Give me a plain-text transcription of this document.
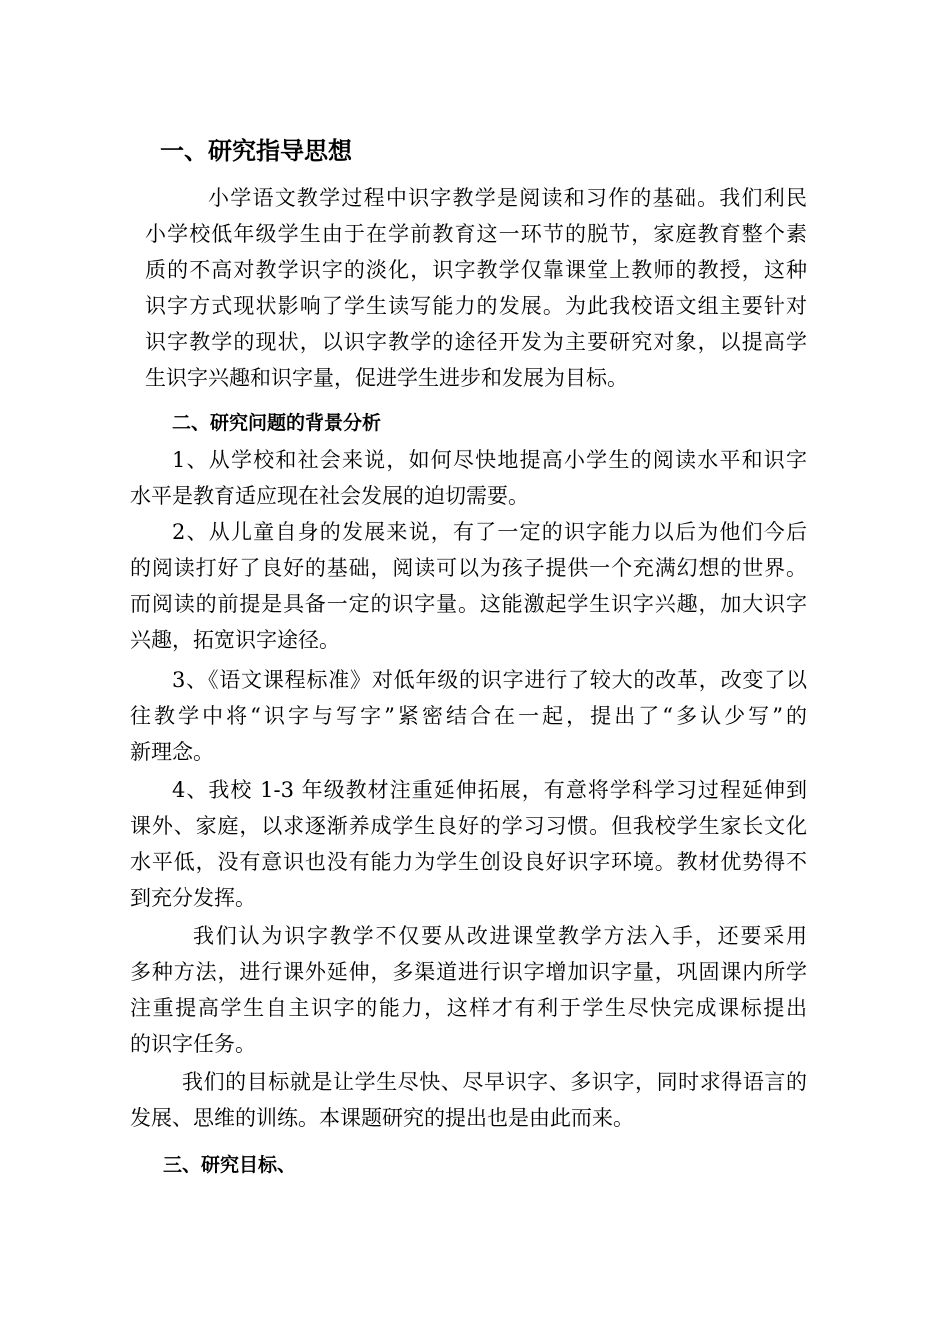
一、研究指导思想
小学语文教学过程中识字教学是阅读和习作的基础。我们利民
小学校低年级学生由于在学前教育这一环节的脱节，家庭教育整个素
质的不高对教学识字的淡化，识字教学仅靠课堂上教师的教授，这种
识字方式现状影响了学生读写能力的发展。为此我校语文组主要针对
识字教学的现状，以识字教学的途径开发为主要研究对象，以提高学
生识字兴趣和识字量，促进学生进步和发展为目标。
二、研究问题的背景分析
1、从学校和社会来说，如何尽快地提高小学生的阅读水平和识字
水平是教育适应现在社会发展的迫切需要。
2、从儿童自身的发展来说，有了一定的识字能力以后为他们今后
的阅读打好了良好的基础，阅读可以为孩子提供一个充满幻想的世界。
而阅读的前提是具备一定的识字量。这能激起学生识字兴趣，加大识字
兴趣，拓宽识字途径。
3、《语文课程标准》对低年级的识字进行了较大的改革，改变了以
往教学中将“识字与写字”紧密结合在一起，提出了“多认少写”的
新理念。
4、我校 1-3 年级教材注重延伸拓展，有意将学科学习过程延伸到
课外、家庭，以求逐渐养成学生良好的学习习惯。但我校学生家长文化
水平低，没有意识也没有能力为学生创设良好识字环境。教材优势得不
到充分发挥。
我们认为识字教学不仅要从改进课堂教学方法入手，还要采用
多种方法，进行课外延伸，多渠道进行识字增加识字量，巩固课内所学
注重提高学生自主识字的能力，这样才有利于学生尽快完成课标提出
的识字任务。
我们的目标就是让学生尽快、尽早识字、多识字，同时求得语言的
发展、思维的训练。本课题研究的提出也是由此而来。
三、研究目标、
